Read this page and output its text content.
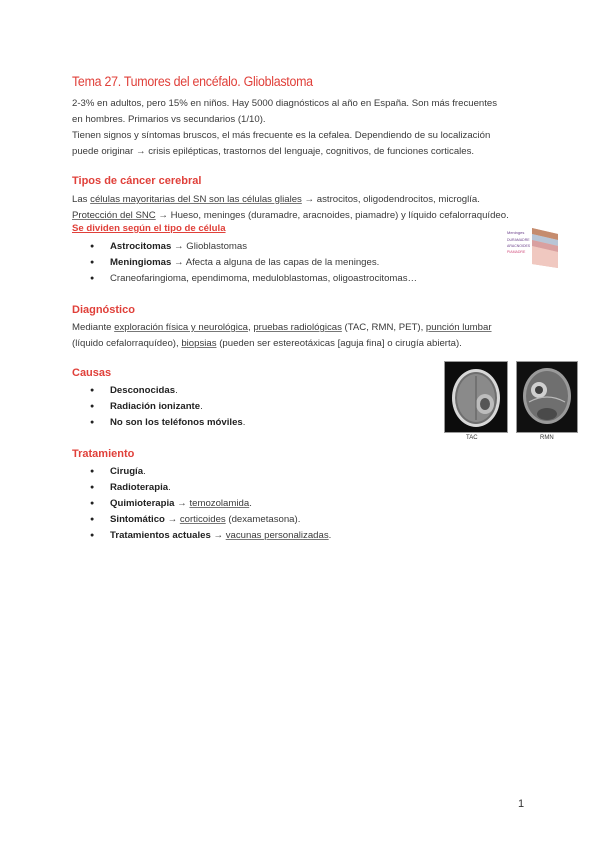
Tema 27. Tumores del encéfalo. Glioblastoma
2-3% en adultos, pero 15% en niños. Hay 5000 diagnósticos al año en España. Son más frecuentes
en hombres. Primarios vs secundarios (1/10).
Tienen signos y síntomas bruscos, el más frecuente es la cefalea. Dependiendo de su localización
puede originar → crisis epilépticas, trastornos del lenguaje, cognitivos, de funciones corticales.
Tipos de cáncer cerebral
Las células mayoritarias del SN son las células gliales → astrocitos, oligodendrocitos, microglía.
Protección del SNC → Hueso, meninges (duramadre, aracnoides, piamadre) y líquido cefalorraquídeo.
Se dividen según el tipo de célula
● Astrocitomas → Glioblastomas
● Meningiomas → Afecta a alguna de las capas de la meninges.
● Craneofaringioma, ependimoma, meduloblastomas, oligoastrocitomas…
Meninges
DURAMADRE
ARACNOIDES
PIAMADRE
Diagnóstico
Mediante exploración física y neurológica, pruebas radiológicas (TAC, RMN, PET), punción lumbar
(líquido cefalorraquídeo), biopsias (pueden ser estereotáxicas [aguja fina] o cirugía abierta).
Causas
● Desconocidas.
● Radiación ionizante.
● No son los teléfonos móviles.
TAC	RMN
Tratamiento
● Cirugía.
● Radioterapia.
● Quimioterapia → temozolamida.
● Sintomático → corticoides (dexametasona).
● Tratamientos actuales → vacunas personalizadas.
1
